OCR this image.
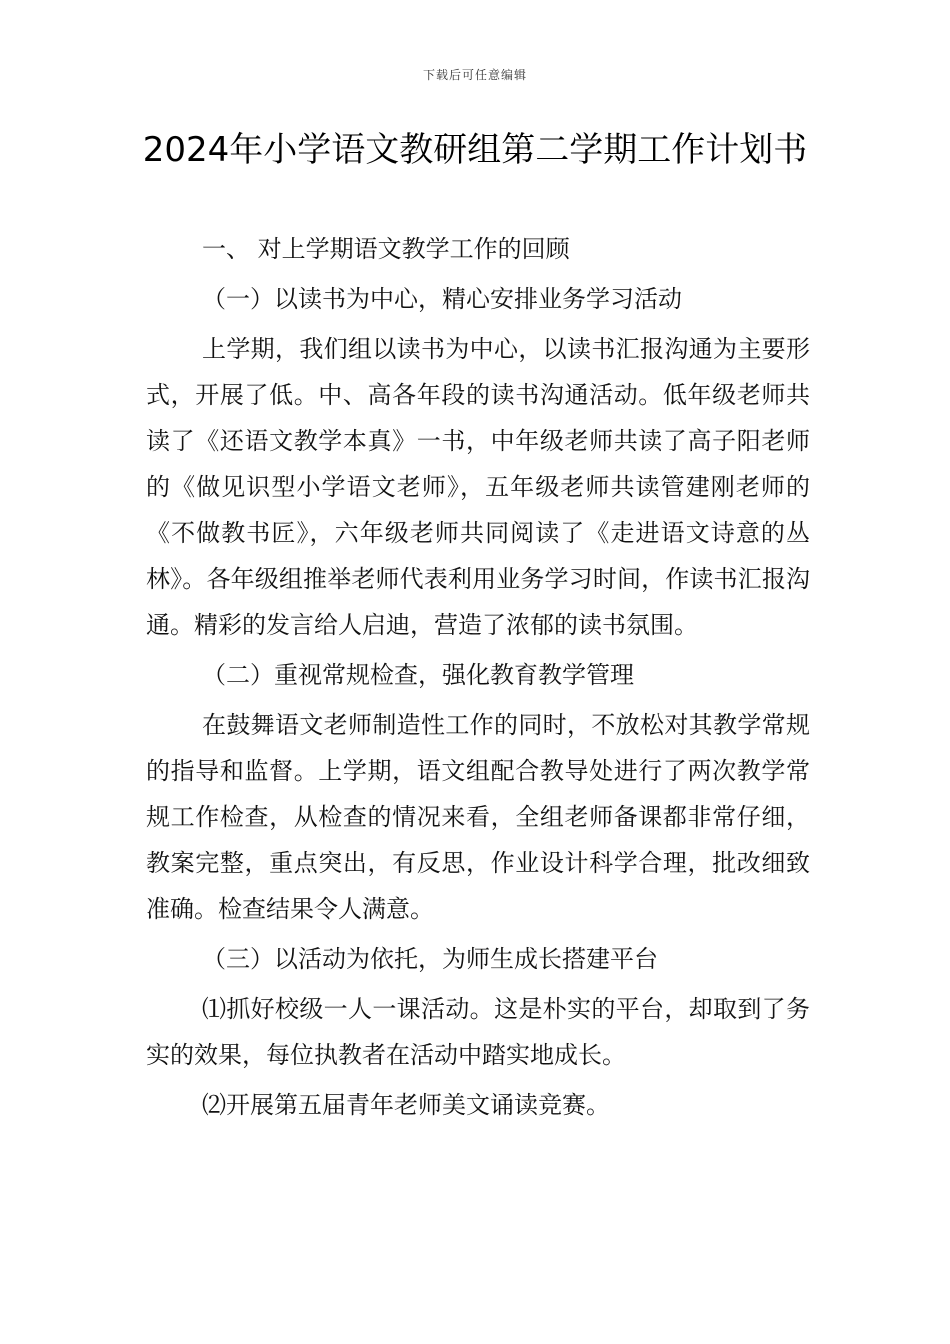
下载后可任意编辑
2024年小学语文教研组第二学期工作计划书

一、 对上学期语文教学工作的回顾

（一）以读书为中心，精心安排业务学习活动

上学期，我们组以读书为中心，以读书汇报沟通为主要形式，开展了低。中、高各年段的读书沟通活动。低年级老师共读了《还语文教学本真》一书，中年级老师共读了高子阳老师的《做见识型小学语文老师》，五年级老师共读管建刚老师的《不做教书匠》，六年级老师共同阅读了《走进语文诗意的丛林》。各年级组推举老师代表利用业务学习时间，作读书汇报沟通。精彩的发言给人启迪，营造了浓郁的读书氛围。

（二）重视常规检查，强化教育教学管理

在鼓舞语文老师制造性工作的同时，不放松对其教学常规的指导和监督。上学期，语文组配合教导处进行了两次教学常规工作检查，从检查的情况来看，全组老师备课都非常仔细，教案完整，重点突出，有反思，作业设计科学合理，批改细致准确。检查结果令人满意。

（三）以活动为依托，为师生成长搭建平台

⑴抓好校级一人一课活动。这是朴实的平台，却取到了务实的效果，每位执教者在活动中踏实地成长。

⑵开展第五届青年老师美文诵读竞赛。
